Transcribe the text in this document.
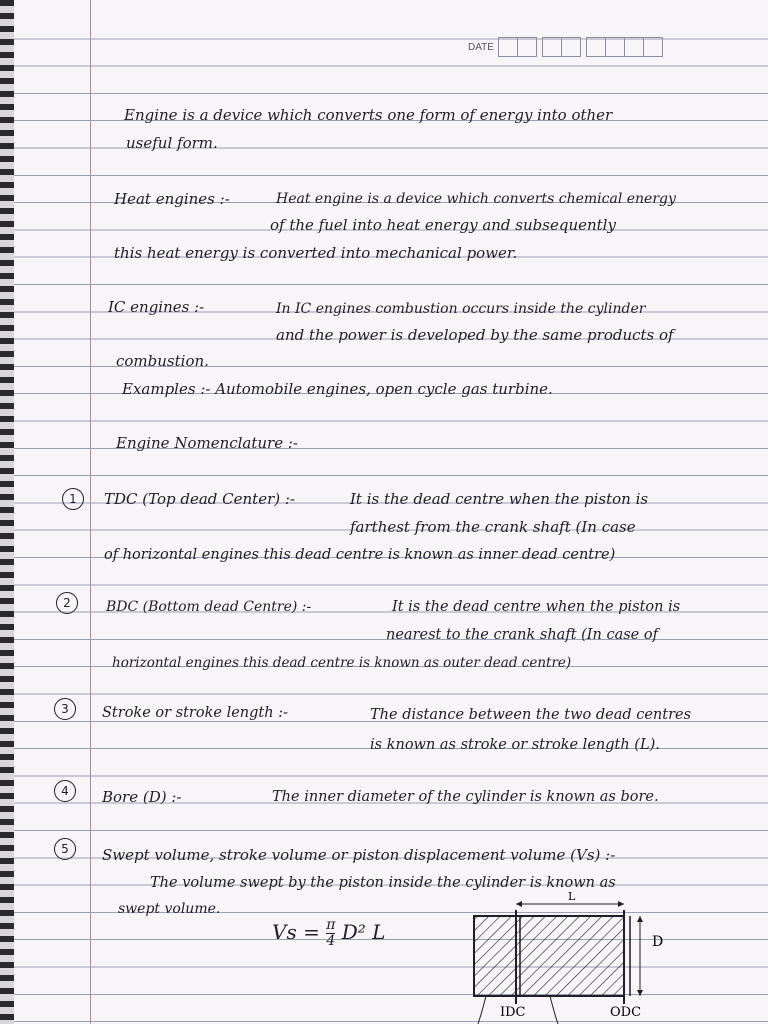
DATE
Engine is a device which converts one form of energy into other
useful form.
Heat engines :-	Heat engine is a device which converts chemical energy
of the fuel into heat energy and subsequently
this heat energy is converted into mechanical power.
IC engines :-	In IC engines combustion occurs inside the cylinder
and the power is developed by the same products of
combustion.
Examples :- Automobile engines, open cycle gas turbine.
Engine Nomenclature :-
1	TDC (Top dead Center) :-	It is the dead centre when the piston is
farthest from the crank shaft (In case
of horizontal engines this dead centre is known as inner dead centre)
2	BDC (Bottom dead Centre) :-	It is the dead centre when the piston is
nearest to the crank shaft (In case of
horizontal engines this dead centre is known as outer dead centre)
3	Stroke or stroke length :-	The distance between the two dead centres
is known as stroke or stroke length (L).
4	Bore (D) :-	The inner diameter of the cylinder is known as bore.
5	Swept volume, stroke volume or piston displacement volume (Vs) :-
The volume swept by the piston inside the cylinder is known as
swept volume.
$Vs = \frac{\pi}{4} D^2$ L
L
D
IDC	ODC
